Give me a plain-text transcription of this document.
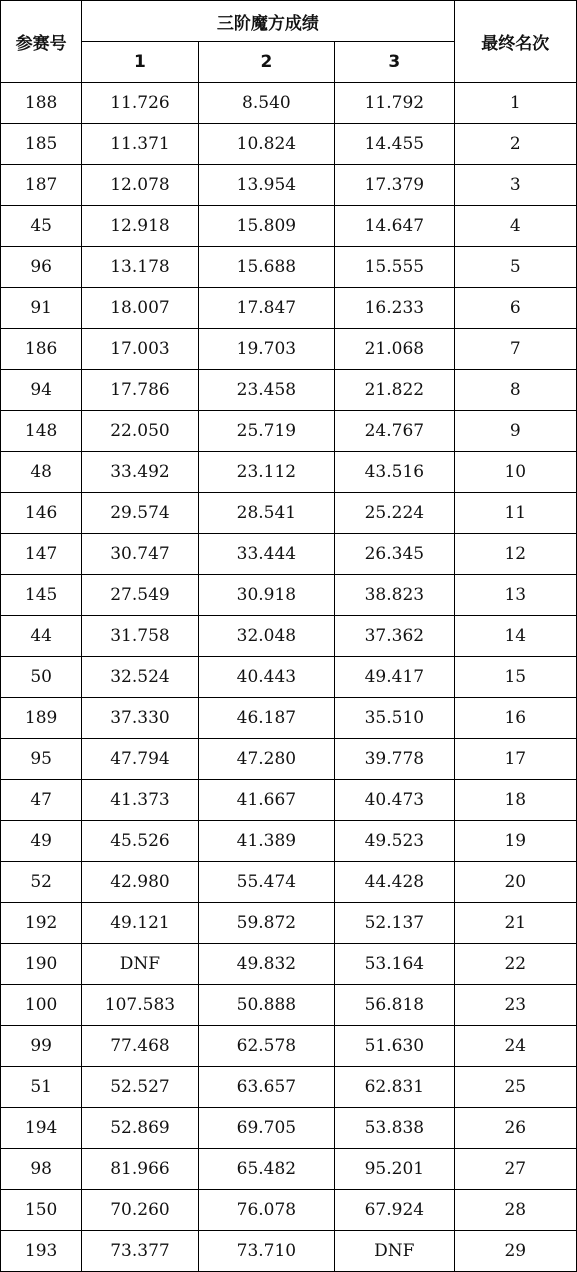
参赛号	三阶魔方成绩			最终名次
	1	2	3	
188	11.726	8.540	11.792	1
185	11.371	10.824	14.455	2
187	12.078	13.954	17.379	3
45	12.918	15.809	14.647	4
96	13.178	15.688	15.555	5
91	18.007	17.847	16.233	6
186	17.003	19.703	21.068	7
94	17.786	23.458	21.822	8
148	22.050	25.719	24.767	9
48	33.492	23.112	43.516	10
146	29.574	28.541	25.224	11
147	30.747	33.444	26.345	12
145	27.549	30.918	38.823	13
44	31.758	32.048	37.362	14
50	32.524	40.443	49.417	15
189	37.330	46.187	35.510	16
95	47.794	47.280	39.778	17
47	41.373	41.667	40.473	18
49	45.526	41.389	49.523	19
52	42.980	55.474	44.428	20
192	49.121	59.872	52.137	21
190	DNF	49.832	53.164	22
100	107.583	50.888	56.818	23
99	77.468	62.578	51.630	24
51	52.527	63.657	62.831	25
194	52.869	69.705	53.838	26
98	81.966	65.482	95.201	27
150	70.260	76.078	67.924	28
193	73.377	73.710	DNF	29
